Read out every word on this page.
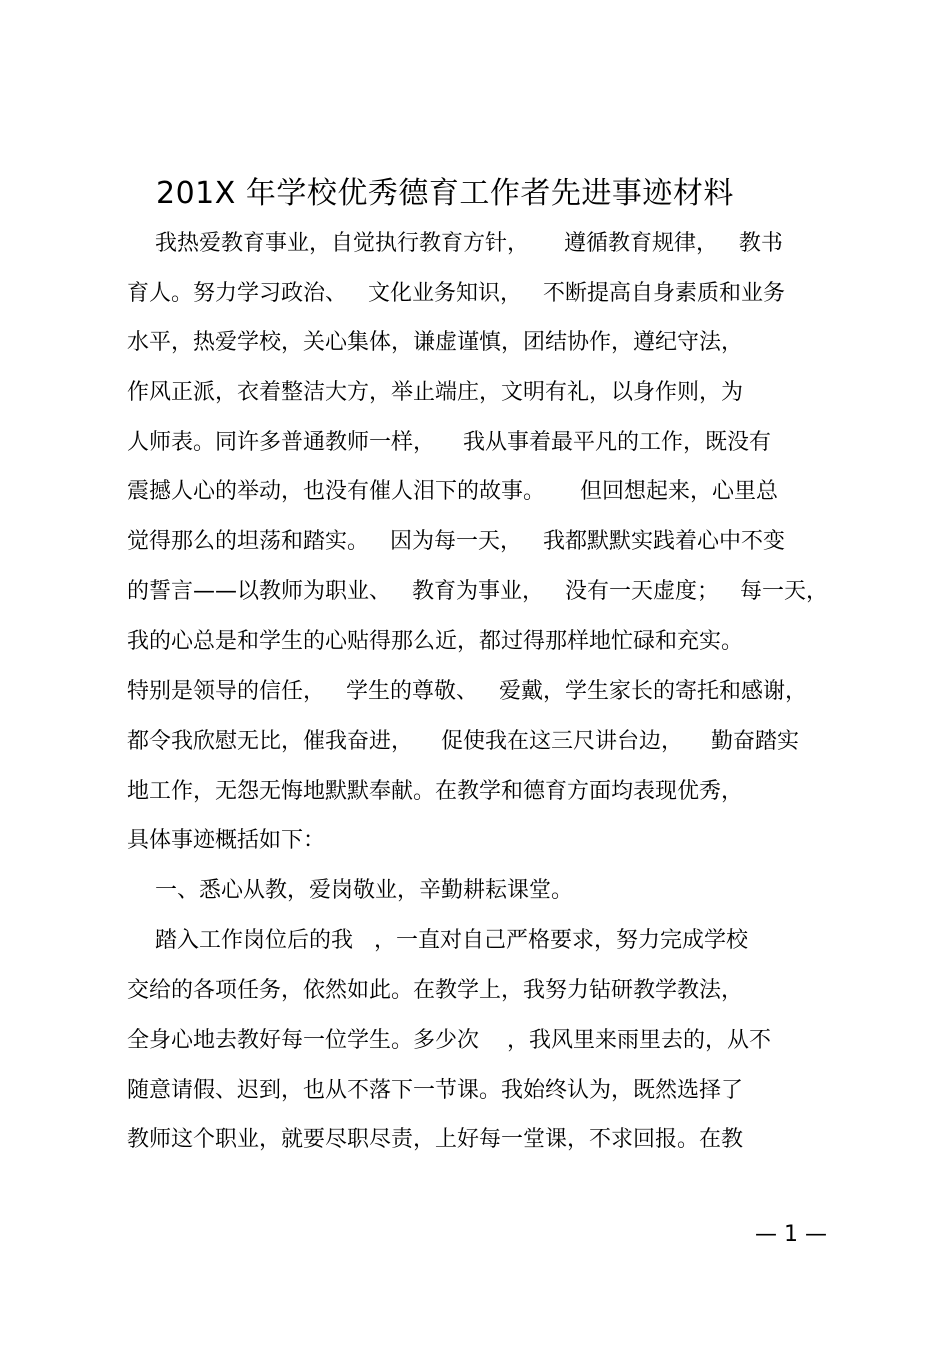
201X 年学校优秀德育工作者先进事迹材料
我热爱教育事业，自觉执行教育方针，     遵循教育规律，   教书
育人。努力学习政治、   文化业务知识，   不断提高自身素质和业务
水平，热爱学校，关心集体，谦虚谨慎，团结协作，遵纪守法，
作风正派，衣着整洁大方，举止端庄，文明有礼，以身作则，为
人师表。同许多普通教师一样，    我从事着最平凡的工作，既没有
震撼人心的举动，也没有催人泪下的故事。     但回想起来，心里总
觉得那么的坦荡和踏实。   因为每一天，   我都默默实践着心中不变
的誓言——以教师为职业、   教育为事业，   没有一天虚度；   每一天，
我的心总是和学生的心贴得那么近，都过得那样地忙碌和充实。
特别是领导的信任，   学生的尊敬、   爱戴，学生家长的寄托和感谢，
都令我欣慰无比，催我奋进，    促使我在这三尺讲台边，    勤奋踏实
地工作，无怨无悔地默默奉献。在教学和德育方面均表现优秀，
具体事迹概括如下：
一、悉心从教，爱岗敬业，辛勤耕耘课堂。
踏入工作岗位后的我   ，一直对自己严格要求，努力完成学校
交给的各项任务，依然如此。在教学上，我努力钻研教学教法，
全身心地去教好每一位学生。多少次    ，我风里来雨里去的，从不
随意请假、迟到，也从不落下一节课。我始终认为，既然选择了
教师这个职业，就要尽职尽责，上好每一堂课，不求回报。在教
— 1 —
